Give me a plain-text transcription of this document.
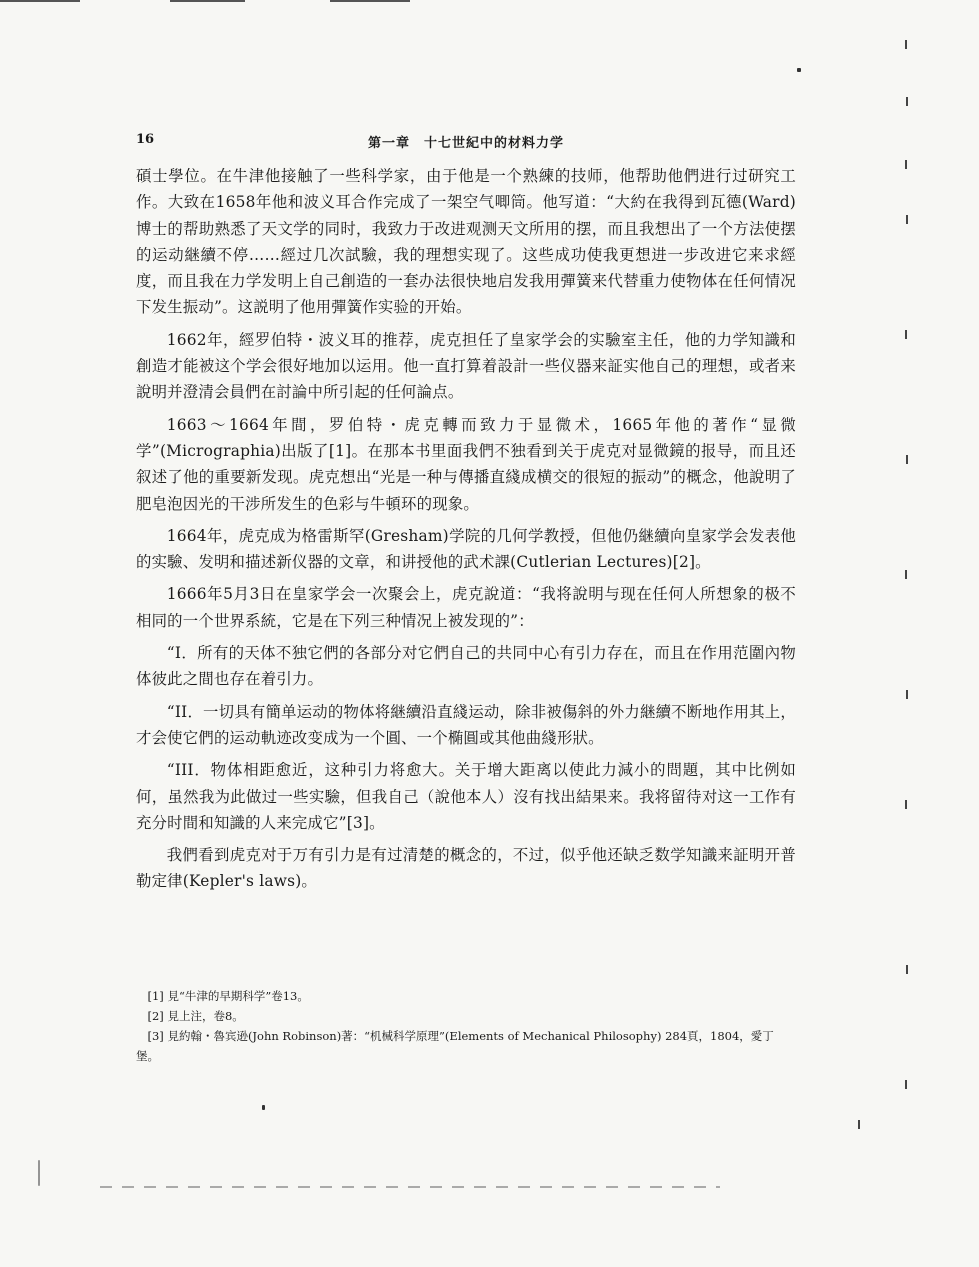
16	第一章　十七世紀中的材料力学

碩士學位。在牛津他接触了一些科学家，由于他是一个熟練的技师，他帮助他們进行过研究工作。大致在1658年他和波义耳合作完成了一架空气唧筒。他写道：“大約在我得到瓦德(Ward)博士的帮助熟悉了天文学的同时，我致力于改进观测天文所用的摆，而且我想出了一个方法使摆的运动継續不停……經过几次試驗，我的理想实现了。这些成功使我更想进一步改进它来求經度，而且我在力学发明上自己創造的一套办法很快地启发我用彈簧来代替重力使物体在任何情况下发生振动”。这説明了他用彈簧作实验的开始。

1662年，經罗伯特・波义耳的推荐，虎克担任了皇家学会的实驗室主任，他的力学知識和創造才能被这个学会很好地加以运用。他一直打算着設計一些仪器来証实他自己的理想，或者来說明并澄清会員們在討論中所引起的任何論点。

1663～1664年間，罗伯特・虎克轉而致力于显微术，1665年他的著作“显微学”(Micrographia)出版了[1]。在那本书里面我們不独看到关于虎克对显微鏡的报导，而且还叙述了他的重要新发现。虎克想出“光是一种与傳播直綫成横交的很短的振动”的概念，他說明了肥皂泡因光的干涉所发生的色彩与牛頓环的现象。

1664年，虎克成为格雷斯罕(Gresham)学院的几何学教授，但他仍継續向皇家学会发表他的实驗、发明和描述新仪器的文章，和讲授他的武术課(Cutlerian Lectures)[2]。

1666年5月3日在皇家学会一次聚会上，虎克說道：“我将說明与现在任何人所想象的极不相同的一个世界系統，它是在下列三种情况上被发现的”：

“I．所有的天体不独它們的各部分对它們自己的共同中心有引力存在，而且在作用范圍內物体彼此之間也存在着引力。

“II．一切具有簡单运动的物体将継續沿直綫运动，除非被傷斜的外力継續不断地作用其上，才会使它們的运动軌迹改变成为一个圓、一个椭圓或其他曲綫形狀。

“III．物体相距愈近，这种引力将愈大。关于增大距离以使此力減小的問題，其中比例如何，虽然我为此做过一些实驗，但我自己（說他本人）沒有找出結果来。我将留待对这一工作有充分时間和知識的人来完成它”[3]。

我們看到虎克对于万有引力是有过清楚的概念的，不过，似乎他还缺乏数学知識来証明开普勒定律(Kepler's laws)。

[1] 見“牛津的早期科学”卷13。

[2] 見上注，卷8。

[3] 見約翰・魯宾逊(John Robinson)著：“机械科学原理”(Elements of Mechanical Philosophy) 284頁，1804，愛丁堡。
